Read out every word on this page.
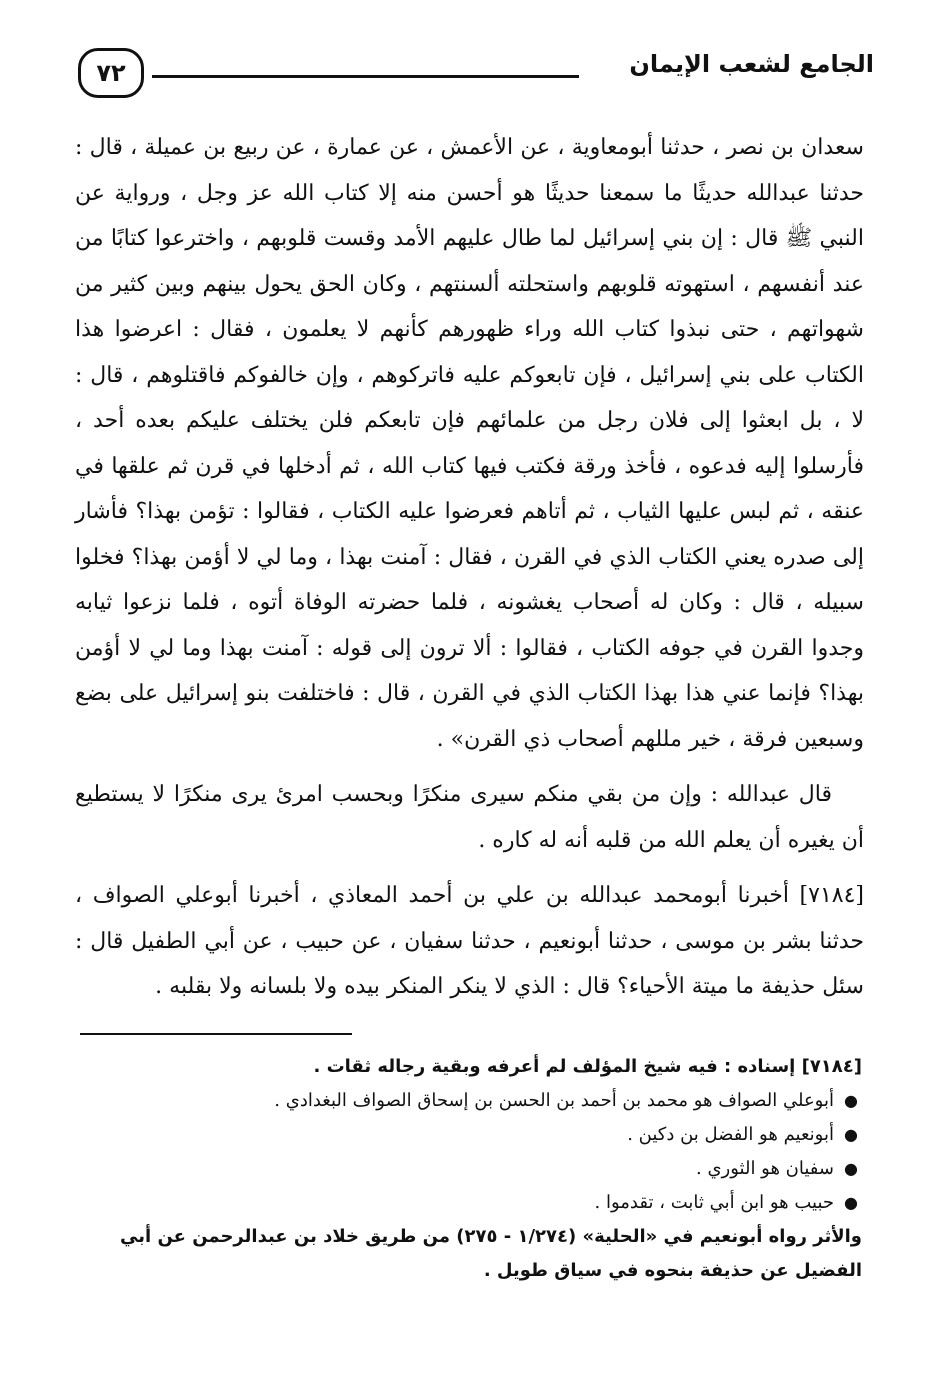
الجامع لشعب الإيمان
٧٢

سعدان بن نصر ، حدثنا أبومعاوية ، عن الأعمش ، عن عمارة ، عن ربيع بن عميلة ، قال : حدثنا عبدالله حديثًا ما سمعنا حديثًا هو أحسن منه إلا كتاب الله عز وجل ، ورواية عن النبي ﷺ قال : إن بني إسرائيل لما طال عليهم الأمد وقست قلوبهم ، واخترعوا كتابًا من عند أنفسهم ، استهوته قلوبهم واستحلته ألسنتهم ، وكان الحق يحول بينهم وبين كثير من شهواتهم ، حتى نبذوا كتاب الله وراء ظهورهم كأنهم لا يعلمون ، فقال : اعرضوا هذا الكتاب على بني إسرائيل ، فإن تابعوكم عليه فاتركوهم ، وإن خالفوكم فاقتلوهم ، قال : لا ، بل ابعثوا إلى فلان رجل من علمائهم فإن تابعكم فلن يختلف عليكم بعده أحد ، فأرسلوا إليه فدعوه ، فأخذ ورقة فكتب فيها كتاب الله ، ثم أدخلها في قرن ثم علقها في عنقه ، ثم لبس عليها الثياب ، ثم أتاهم فعرضوا عليه الكتاب ، فقالوا : تؤمن بهذا؟ فأشار إلى صدره يعني الكتاب الذي في القرن ، فقال : آمنت بهذا ، وما لي لا أؤمن بهذا؟ فخلوا سبيله ، قال : وكان له أصحاب يغشونه ، فلما حضرته الوفاة أتوه ، فلما نزعوا ثيابه وجدوا القرن في جوفه الكتاب ، فقالوا : ألا ترون إلى قوله : آمنت بهذا وما لي لا أؤمن بهذا؟ فإنما عني هذا بهذا الكتاب الذي في القرن ، قال : فاختلفت بنو إسرائيل على بضع وسبعين فرقة ، خير مللهم أصحاب ذي القرن» .

قال عبدالله : وإن من بقي منكم سيرى منكرًا وبحسب امرئ يرى منكرًا لا يستطيع أن يغيره أن يعلم الله من قلبه أنه له كاره .

[٧١٨٤] أخبرنا أبومحمد عبدالله بن علي بن أحمد المعاذي ، أخبرنا أبوعلي الصواف ، حدثنا بشر بن موسى ، حدثنا أبونعيم ، حدثنا سفيان ، عن حبيب ، عن أبي الطفيل قال : سئل حذيفة ما ميتة الأحياء؟ قال : الذي لا ينكر المنكر بيده ولا بلسانه ولا بقلبه .

[٧١٨٤] إسناده : فيه شيخ المؤلف لم أعرفه وبقية رجاله ثقات .

●
أبوعلي الصواف هو محمد بن أحمد بن الحسن بن إسحاق الصواف البغدادي .
●
أبونعيم هو الفضل بن دكين .
●
سفيان هو الثوري .
●
حبيب هو ابن أبي ثابت ، تقدموا .

والأثر رواه أبونعيم في «الحلية» (١/٢٧٤ - ٢٧٥) من طريق خلاد بن عبدالرحمن عن أبي الفضيل عن حذيفة بنحوه في سياق طويل .
